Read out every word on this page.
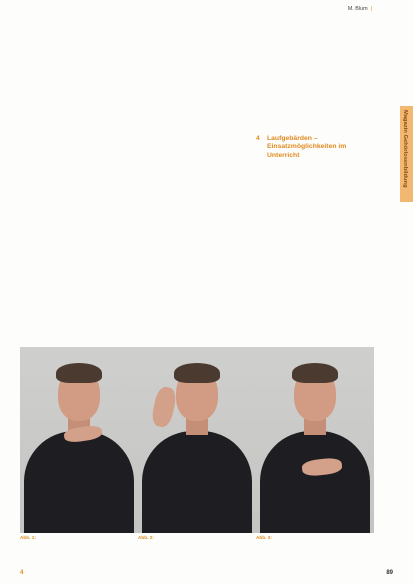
M. Blum |
Magazin Gehörlosenbildung

4	Laufgebärden – Einsatzmöglichkeiten im Unterricht

Abb. 1:	Abb. 2:	Abb. 3:
4	89
